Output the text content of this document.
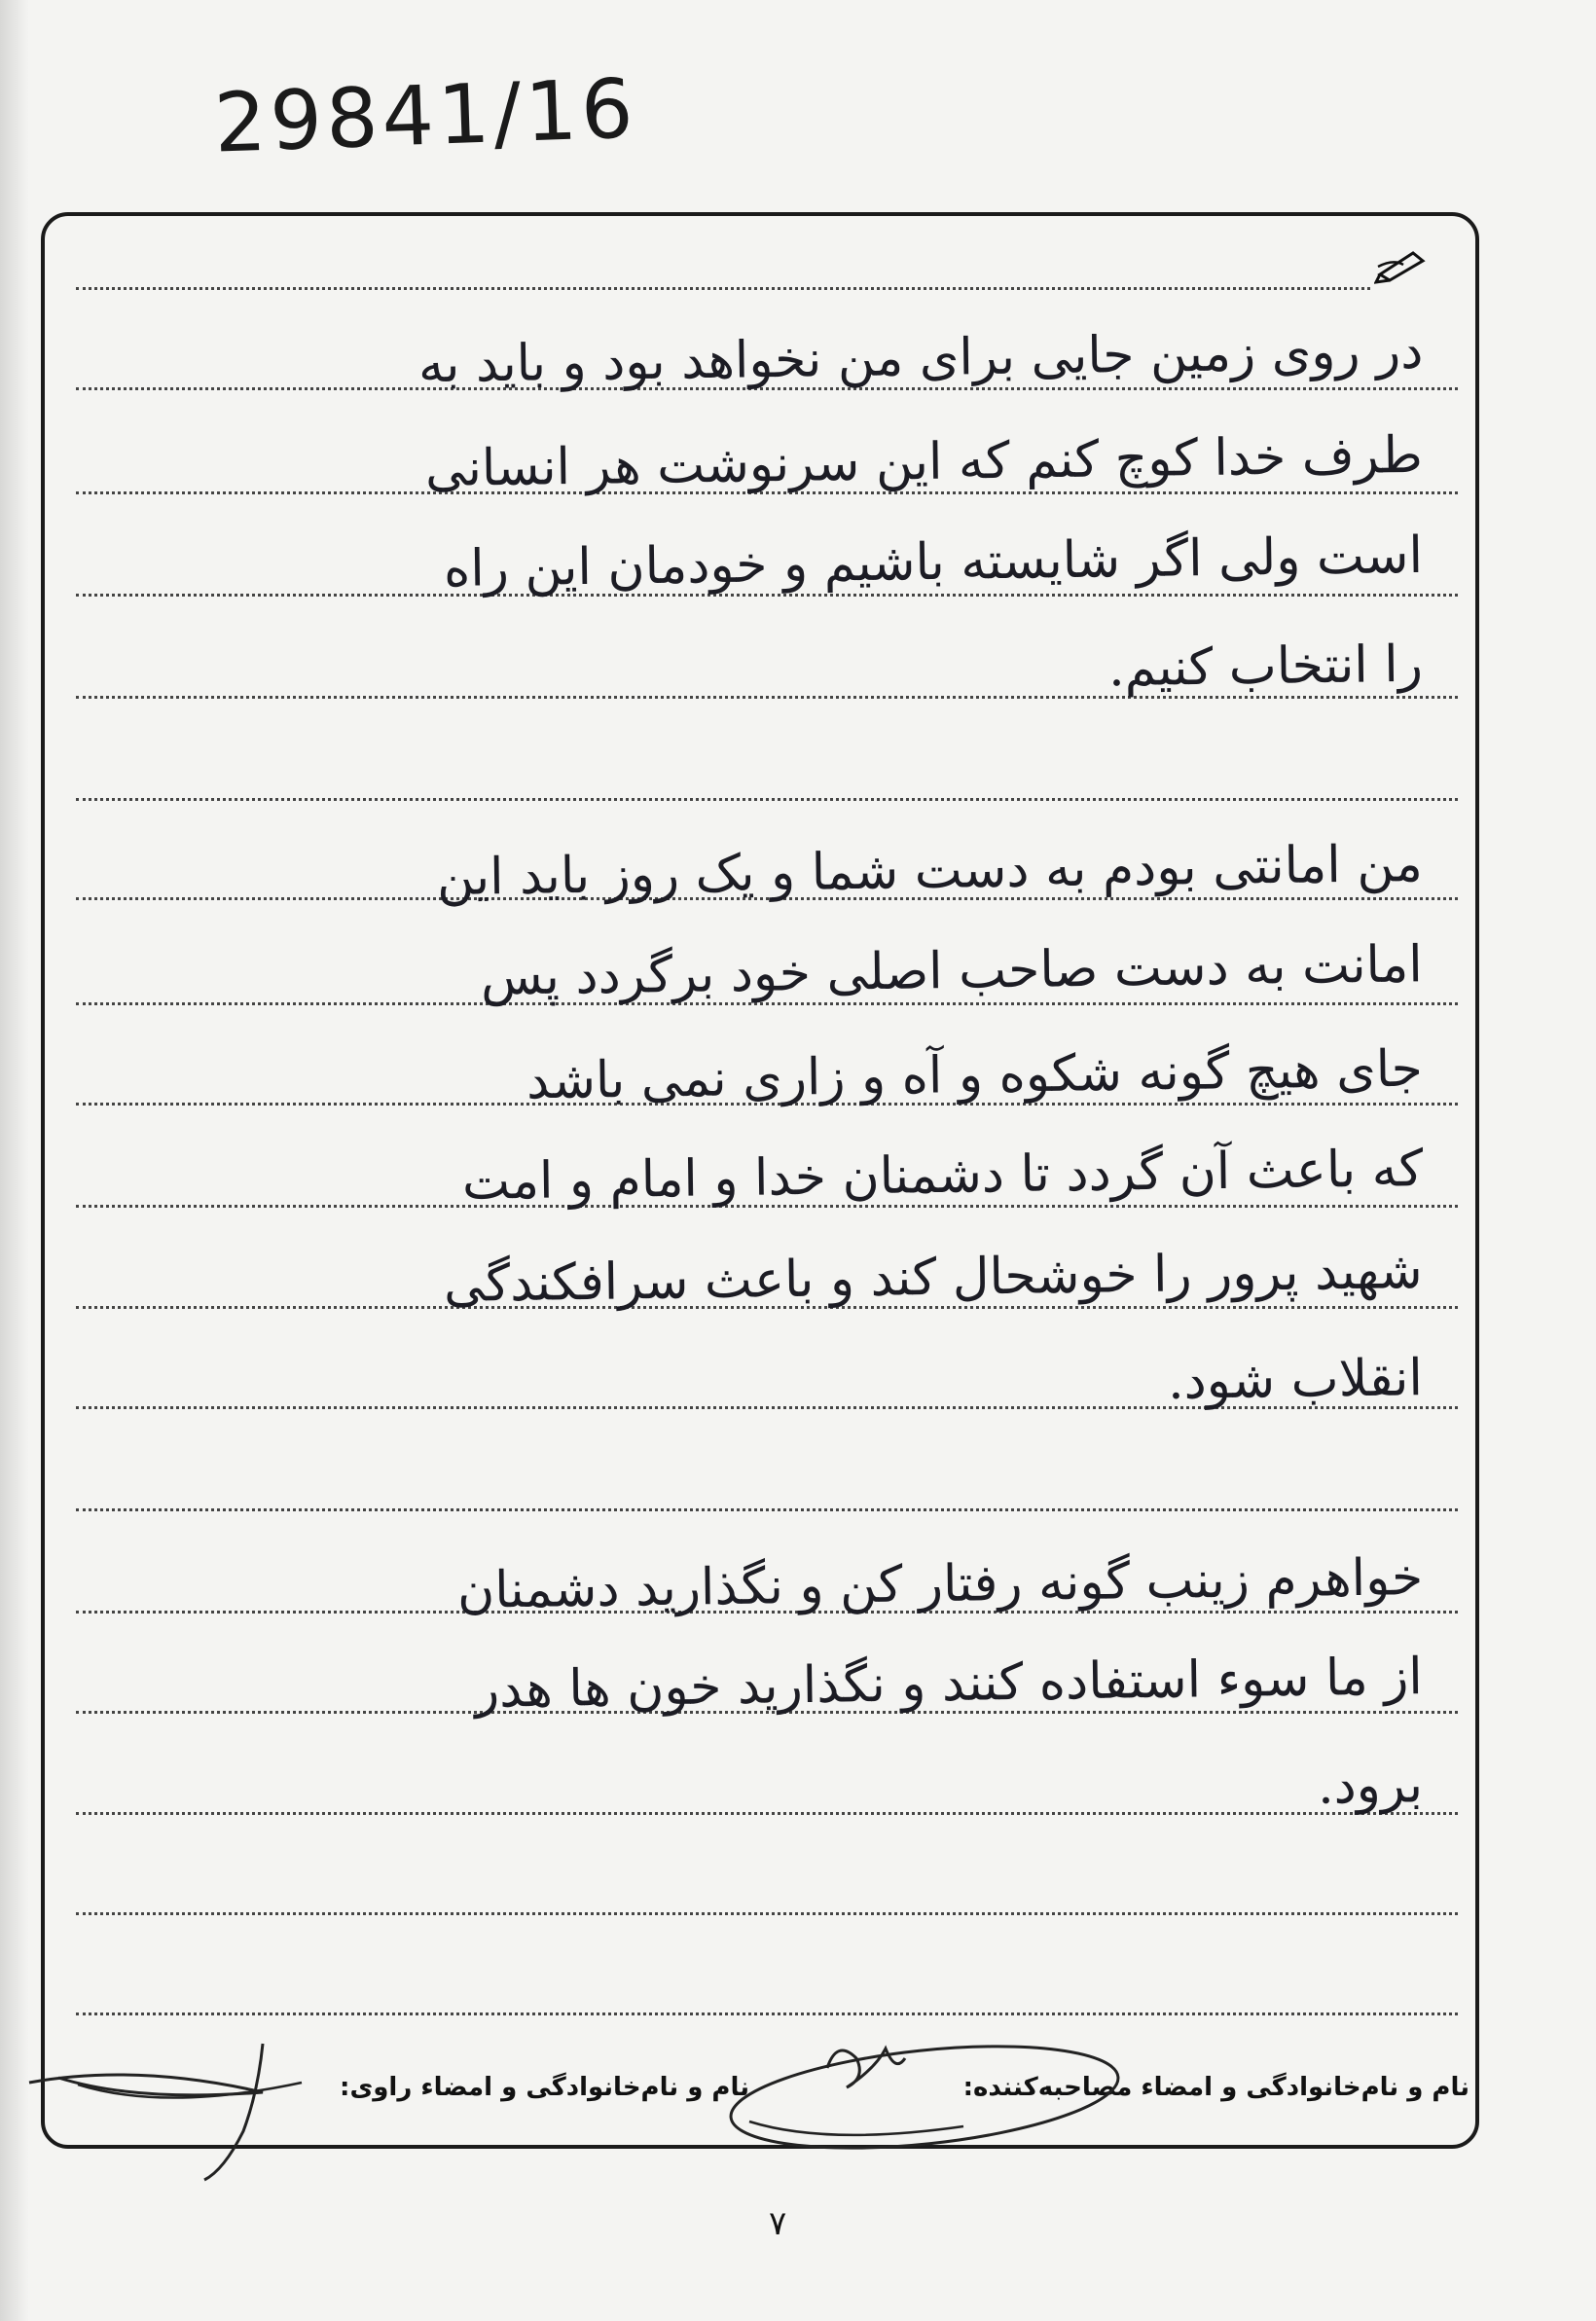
61/14892
در روی زمین جایی برای من نخواهد بود و باید به
طرف خدا کوچ کنم که این سرنوشت هر انسانی
است ولی اگر شایسته باشیم و خودمان این راه
را انتخاب کنیم.
من امانتی بودم به دست شما و یک روز باید این
امانت به دست صاحب اصلی خود برگردد پس
جای هیچ گونه شکوه و آه و زاری نمی باشد
که باعث آن گردد تا دشمنان خدا و امام و امت
شهید پرور را خوشحال کند و باعث سرافکندگی
انقلاب شود.
خواهرم زینب گونه رفتار کن و نگذارید دشمنان
از ما سوء استفاده کنند و نگذارید خون ها هدر
برود.
نام و نام‌خانوادگی و امضاء مصاحبه‌کننده:
نام و نام‌خانوادگی و امضاء راوی:
٧
